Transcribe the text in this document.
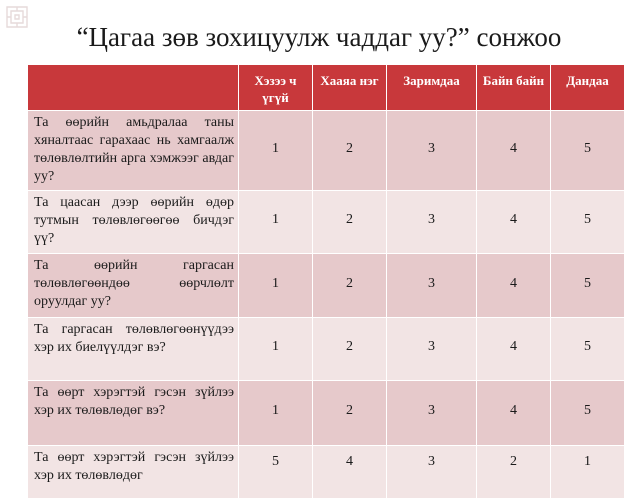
“Цагаа зөв зохицуулж чаддаг уу?” сонжоо
	Хэзээ ч үгүй	Хааяа нэг	Заримдаа	Байн байн	Дандаа
Та өөрийн амьдралаа таны хяналтаас гарахаас нь хамгаалж төлөвлөлтийн арга хэмжээг авдаг уу?	1	2	3	4	5
Та цаасан дээр өөрийн өдөр тутмын төлөвлөгөөгөө бичдэг үү?	1	2	3	4	5
Та өөрийн гаргасан төлөвлөгөөндөө өөрчлөлт оруулдаг уу?	1	2	3	4	5
Та гаргасан төлөвлөгөөнүүдээ хэр их биелүүлдэг вэ?	1	2	3	4	5
Та өөрт хэрэгтэй гэсэн зүйлээ хэр их төлөвлөдөг вэ?	1	2	3	4	5
Та өөрт хэрэгтэй гэсэн зүйлээ хэр их төлөвлөдөг	5	4	3	2	1
